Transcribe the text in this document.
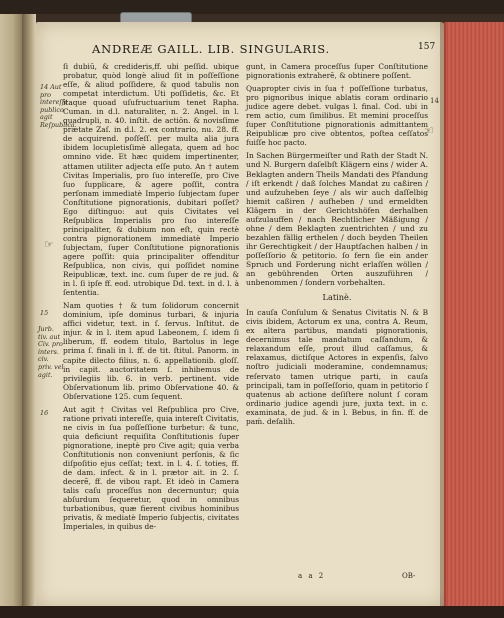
ANDREÆ GAILL. LIB. SINGULARIS.	157
14 Aut pro intereſſe publico agit Reſpublica.
15
Jurb. tiv. aut Civ. pro inters. civ. priv. vel agit.
16
14
☞
☜

ſi dubiū, & credideris,ff. ubi peſſid. ubique probatur, quòd longè aliud ſit in poſſeſſione eſſe, & aliud poſſidere, & quod tabulis non competat interdictum. Uti poſſidetis, &c. Et itaque quoad uſufructuarium tenet Rapha. Cuman. in d.l. naturaliter, n. 2. Angel. in l. quadrupli, n. 40. inſtit. de actiōn. & novisſime prætate Zaſ. in d.l. 2. ex contrario, nu. 28. ff. de acquirend. poſſeſſ. per multa alia jura ibidem locupletisſimè allegata, quem ad hoc omnino vide. Et hæc quidem impertinenter, attamen utiliter adjecta eſſe puto. An † autem Civitas Imperialis, pro ſuo intereſſe, pro Cive ſuo ſupplicare, & agere poſſit, contra perſonam immediatè Imperio ſubjectam ſuper Conſtitutione pignorationis, dubitari poſſet? Ego diſtinguo: aut quis Civitates vel Reſpublica Imperialis pro ſuo intereſſe principaliter, & dubium non eſt, quin rectè contra pignorationem immediatè Imperio ſubjectam, ſuper Conſtitutione pignorationis agere poſſit: quia principaliter offenditur Reſpublica, non civis, qui poſſidet nomine Reipublicæ, text. inc. cum ſuper de re jud. & in l. ſi ipſe ff. eod. utrobique Dd. text. in d. l. à ſententia.

Nam quoties † & tum ſolidorum concernit dominium, ipſe dominus turbari, & injuria affici videtur, text. in ſ. ſervus. Inſtitut. de injur. & in l. item apud Labeonem, ſ. idem ſi liberum, ff. eodem titulo, Bartolus in lege prima ſ. finali in l. ff. de tit. ſtitul. Panorm. in capite dilecto filius, n. 6. appellationib. gloſſ. in capit. auctoritatem ſ. inhibemus de privilegiis lib. 6. in verb. pertinent. vide Obſervationum lib. primo Obſervatione 40. & Obſervatione 125. cum ſequent.

Aut agit † Civitas vel Reſpublica pro Cive, ratione privati intereſſe, quia intereſt Civitatis, ne civis in ſua poſſeſſione turbetur: & tunc, quia deficiunt requiſita Conſtitutionis ſuper pignoratione, ineptè pro Cive agit; quia verba Conſtitutionis non conveniunt perſonis, & ſic diſpoſitio ejus ceſſat; text. in l. 4. ſ. toties, ff. de dam. infect. & in l. prætor ait. in 2. ſ. decerẽ, ff. de vibou rapt. Et ideò in Camera talis caſu proceſſus non decernuntur; quia abſurdum ſequeretur, quod in omnibus turbationibus, quæ fierent civibus hominibus privatis, & mediatè Imperio ſubjectis, civitates Imperiales, in quibus de-

gunt, in Camera proceſſus ſuper Conſtitutione pignorationis extraherē, & obtinere poſſent.

Quapropter civis in ſua † poſſeſſione turbatus, pro pignoribus inique ablatis coram ordinario judice agere debet. vulgas l. final. Cod. ubi in rem actio, cum ſimilibus. Et memini proceſſus ſuper Conſtitutione pignorationis admittantem Reipublicæ pro cive obtentos, poſtea ceſſatos fuiſſe hoc pacto.

In Sachen Bürgermeiſter und Rath der Stadt N. und N. Burgern daſelbſt Klägern eins / wider A. Beklagten andern Theils Mandati des Pfandung / iſt erkendt / daß ſolches Mandat zu caßiren / und aufzuheben ſeye / als wir auch daſſelbig hiemit caßiren / aufheben / und ermeldten Klägern in der Gerichtshöfen derhalben aufzulauffen / nach Rechtlicher Mäßigung / ohne / dem Beklagten zuentrichten / und zu bezahlen fällig erthelen / doch beyden Theilen ihr Gerechtigkeit / der Hauptſachen halben / in poſſeſſorio & petitorio. ſo fern ſie ein ander Spruch und Forderung nicht erlaſſen wöllen / an gebührenden Orten auszuführen / unbenommen / ſondern vorbehalten.

Latinè.

In cauſa Conſulum & Senatus Civitatis N. & B civis ibidem, Actorum ex una, contra A. Reum, ex altera partibus, mandati pignorationis, decernimus tale mandatum caſſandum, & relaxandum eſſe, prout illud caſſamus, & relaxamus, dictiſque Actores in expenſis, ſalvo noſtro judiciali moderamine, condemnamus; reſervato tamen utrique parti, in cauſa principali, tam in poſſeſſorio, quam in petitorio ſ quatenus ab actione deſiſtere nolunt ſ coram ordinario judice agendi jure, juxta text. in c. examinata, de jud. & in l. Bebus, in fin. ff. de paḿ. deſalih.

a a 2	OB-
